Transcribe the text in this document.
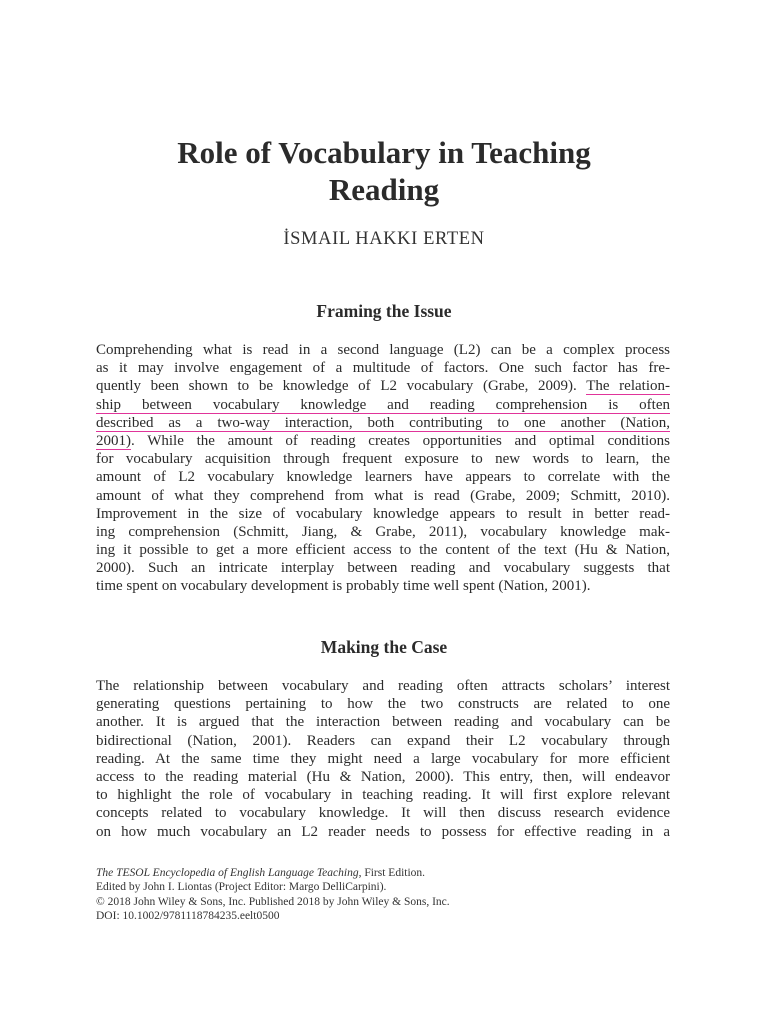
Role of Vocabulary in Teaching
Reading

İSMAIL HAKKI ERTEN

Framing the Issue
Comprehending what is read in a second language (L2) can be a complex process
as it may involve engagement of a multitude of factors. One such factor has fre-
quently been shown to be knowledge of L2 vocabulary (Grabe, 2009). The relation-
ship between vocabulary knowledge and reading comprehension is often
described as a two-way interaction, both contributing to one another (Nation,
2001). While the amount of reading creates opportunities and optimal conditions
for vocabulary acquisition through frequent exposure to new words to learn, the
amount of L2 vocabulary knowledge learners have appears to correlate with the
amount of what they comprehend from what is read (Grabe, 2009; Schmitt, 2010).
Improvement in the size of vocabulary knowledge appears to result in better read-
ing comprehension (Schmitt, Jiang, & Grabe, 2011), vocabulary knowledge mak-
ing it possible to get a more efficient access to the content of the text (Hu & Nation,
2000). Such an intricate interplay between reading and vocabulary suggests that
time spent on vocabulary development is probably time well spent (Nation, 2001).
Making the Case
The relationship between vocabulary and reading often attracts scholars’ interest
generating questions pertaining to how the two constructs are related to one
another. It is argued that the interaction between reading and vocabulary can be
bidirectional (Nation, 2001). Readers can expand their L2 vocabulary through
reading. At the same time they might need a large vocabulary for more efficient
access to the reading material (Hu & Nation, 2000). This entry, then, will endeavor
to highlight the role of vocabulary in teaching reading. It will first explore relevant
concepts related to vocabulary knowledge. It will then discuss research evidence
on how much vocabulary an L2 reader needs to possess for effective reading in a
The TESOL Encyclopedia of English Language Teaching, First Edition.
Edited by John I. Liontas (Project Editor: Margo DelliCarpini).
© 2018 John Wiley & Sons, Inc. Published 2018 by John Wiley & Sons, Inc.
DOI: 10.1002/9781118784235.eelt0500
